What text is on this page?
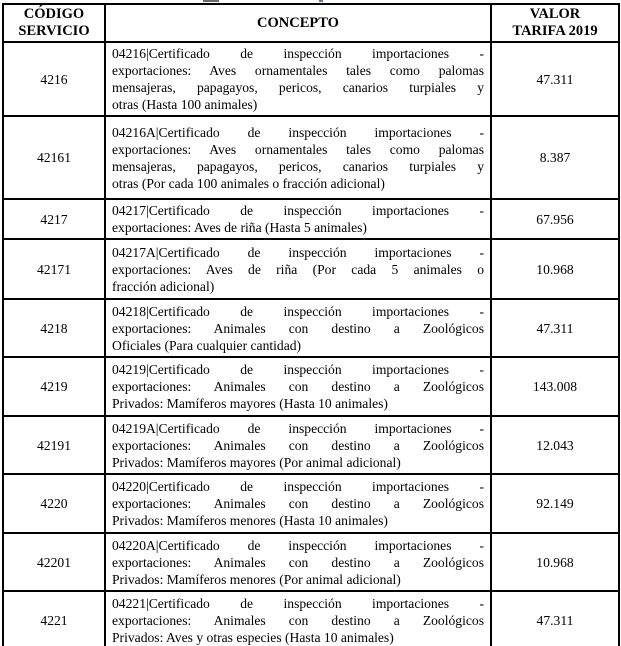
CÓDIGO
SERVICIO

CONCEPTO

VALOR
TARIFA 2019

4216	04216|Certificado de inspección importaciones -
exportaciones: Aves ornamentales tales como palomas
mensajeras, papagayos, pericos, canarios turpiales y
otras (Hasta 100 animales)	47.311
42161	04216A|Certificado de inspección importaciones -
exportaciones: Aves ornamentales tales como palomas
mensajeras, papagayos, pericos, canarios turpiales y
otras (Por cada 100 animales o fracción adicional)	8.387
4217	04217|Certificado de inspección importaciones -
exportaciones: Aves de riña (Hasta 5 animales)	67.956
42171	04217A|Certificado de inspección importaciones -
exportaciones: Aves de riña (Por cada 5 animales o
fracción adicional)	10.968
4218	04218|Certificado de inspección importaciones -
exportaciones: Animales con destino a Zoológicos
Oficiales (Para cualquier cantidad)	47.311
4219	04219|Certificado de inspección importaciones -
exportaciones: Animales con destino a Zoológicos
Privados: Mamíferos mayores (Hasta 10 animales)	143.008
42191	04219A|Certificado de inspección importaciones -
exportaciones: Animales con destino a Zoológicos
Privados: Mamíferos mayores (Por animal adicional)	12.043
4220	04220|Certificado de inspección importaciones -
exportaciones: Animales con destino a Zoológicos
Privados: Mamíferos menores (Hasta 10 animales)	92.149
42201	04220A|Certificado de inspección importaciones -
exportaciones: Animales con destino a Zoológicos
Privados: Mamíferos menores (Por animal adicional)	10.968
4221	04221|Certificado de inspección importaciones -
exportaciones: Animales con destino a Zoológicos
Privados: Aves y otras especies (Hasta 10 animales)	47.311
